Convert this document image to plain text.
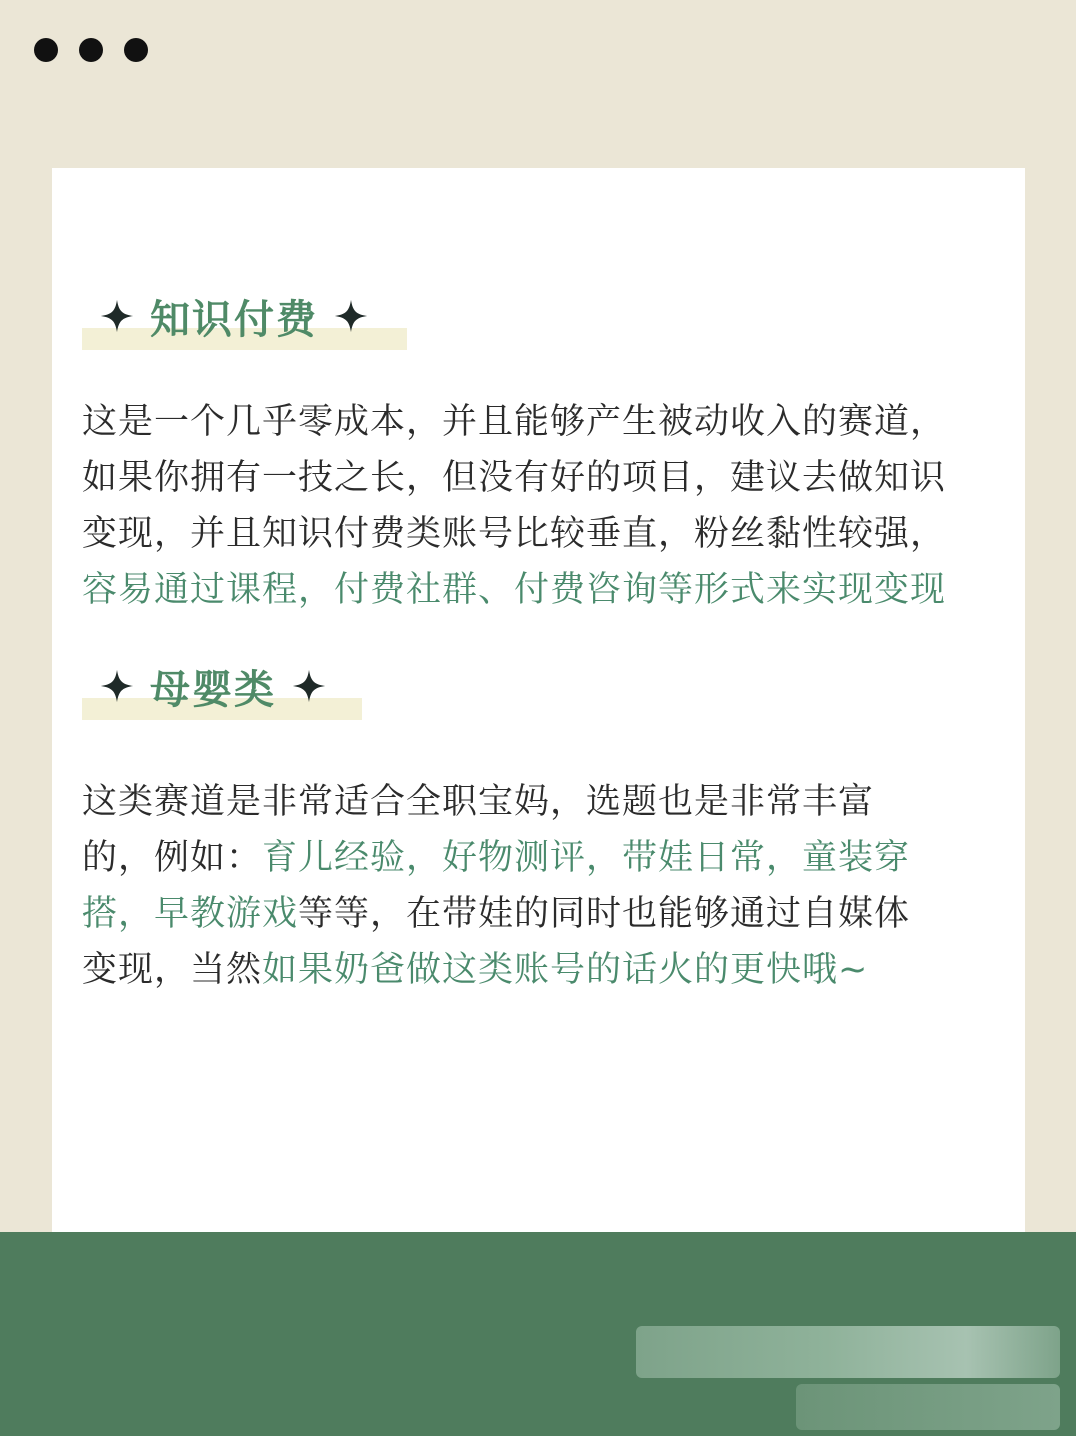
知识付费
这是一个几乎零成本，并且能够产生被动收入的赛道，
如果你拥有一技之长，但没有好的项目，建议去做知识
变现，并且知识付费类账号比较垂直，粉丝黏性较强，
容易通过课程，付费社群、付费咨询等形式来实现变现
母婴类
这类赛道是非常适合全职宝妈，选题也是非常丰富
的，例如：育儿经验，好物测评，带娃日常，童装穿
搭，早教游戏等等，在带娃的同时也能够通过自媒体
变现，当然如果奶爸做这类账号的话火的更快哦~
